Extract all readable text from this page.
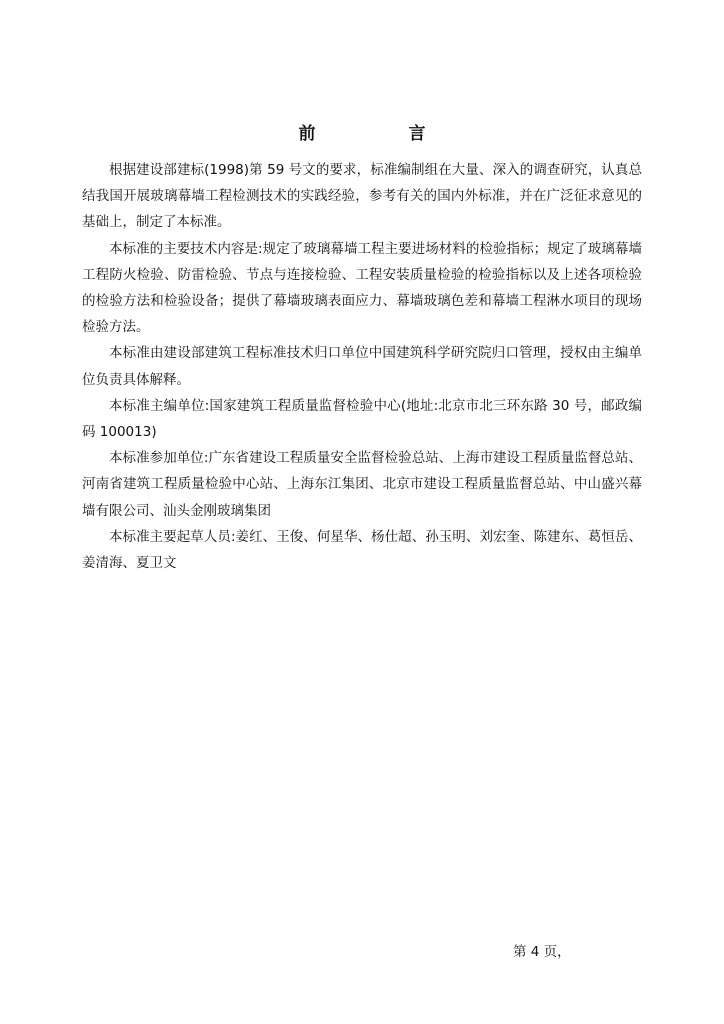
前　言

根据建设部建标(1998)第 59 号文的要求，标准编制组在大量、深入的调查研究，认真总结我国开展玻璃幕墙工程检测技术的实践经验，参考有关的国内外标准，并在广泛征求意见的基础上，制定了本标准。

本标准的主要技术内容是:规定了玻璃幕墙工程主要进场材料的检验指标；规定了玻璃幕墙工程防火检验、防雷检验、节点与连接检验、工程安装质量检验的检验指标以及上述各项检验的检验方法和检验设备；提供了幕墙玻璃表面应力、幕墙玻璃色差和幕墙工程淋水项目的现场检验方法。

本标准由建设部建筑工程标准技术归口单位中国建筑科学研究院归口管理，授权由主编单位负责具体解释。

本标准主编单位:国家建筑工程质量监督检验中心(地址:北京市北三环东路 30 号，邮政编码 100013)

本标准参加单位:广东省建设工程质量安全监督检验总站、上海市建设工程质量监督总站、河南省建筑工程质量检验中心站、上海东江集团、北京市建设工程质量监督总站、中山盛兴幕墙有限公司、汕头金刚玻璃集团

本标准主要起草人员:姜红、王俊、何星华、杨仕超、孙玉明、刘宏奎、陈建东、葛恒岳、姜清海、夏卫文

第 4 页，
